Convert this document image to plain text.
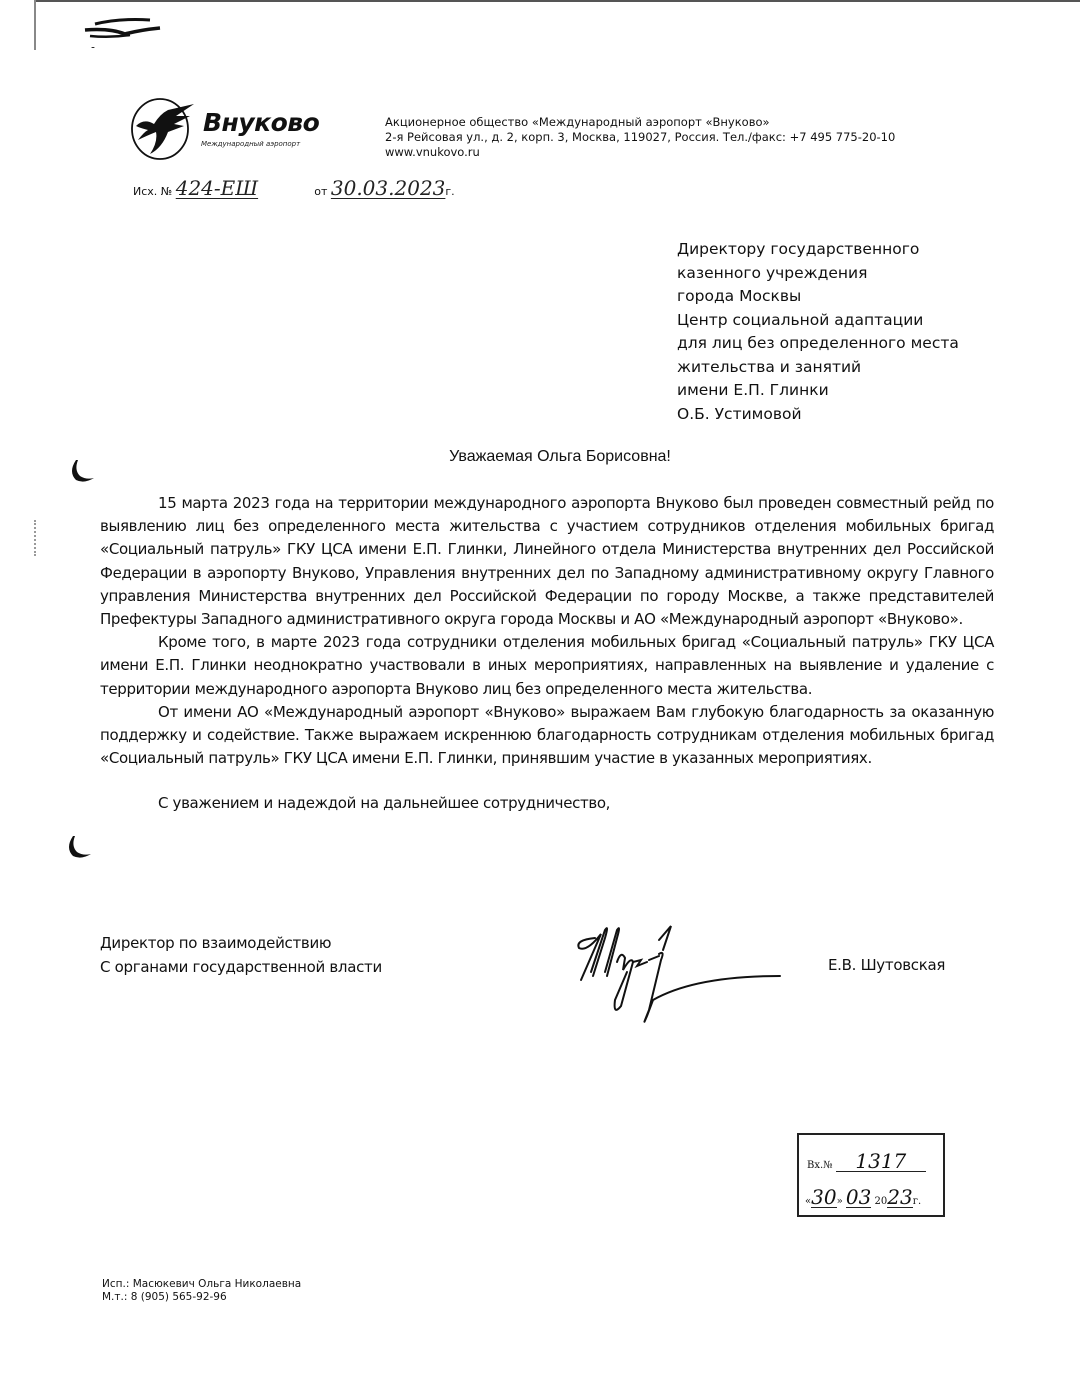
Внуково
Международный аэропорт
Акционерное общество «Международный аэропорт «Внуково»
2-я Рейсовая ул., д. 2, корп. 3, Москва, 119027, Россия. Тел./факс: +7 495 775-20-10
www.vnukovo.ru
Исх. № 424-ЕШ	от 30.03.2023г.
Директору государственного
казенного учреждения
города Москвы
Центр социальной адаптации
для лиц без определенного места
жительства и занятий
имени Е.П. Глинки
О.Б. Устимовой
Уважаемая Ольга Борисовна!

15 марта 2023 года на территории международного аэропорта Внуково был проведен совместный рейд по выявлению лиц без определенного места жительства с участием сотрудников отделения мобильных бригад «Социальный патруль» ГКУ ЦСА имени Е.П. Глинки, Линейного отдела Министерства внутренних дел Российской Федерации в аэропорту Внуково, Управления внутренних дел по Западному административному округу Главного управления Министерства внутренних дел Российской Федерации по городу Москве, а также представителей Префектуры Западного административного округа города Москвы и АО «Международный аэропорт «Внуково».

Кроме того, в марте 2023 года сотрудники отделения мобильных бригад «Социальный патруль» ГКУ ЦСА имени Е.П. Глинки неоднократно участвовали в иных мероприятиях, направленных на выявление и удаление с территории международного аэропорта Внуково лиц без определенного места жительства.

От имени АО «Международный аэропорт «Внуково» выражаем Вам глубокую благодарность за оказанную поддержку и содействие. Также выражаем искреннюю благодарность сотрудникам отделения мобильных бригад «Социальный патруль» ГКУ ЦСА имени Е.П. Глинки, принявшим участие в указанных мероприятиях.

С уважением и надеждой на дальнейшее сотрудничество,

Директор по взаимодействию
С органами государственной власти	Е.В. Шутовская
Вх.№ 1317
«30» 03 2023г.
Исп.: Масюкевич Ольга Николаевна
М.т.: 8 (905) 565-92-96
